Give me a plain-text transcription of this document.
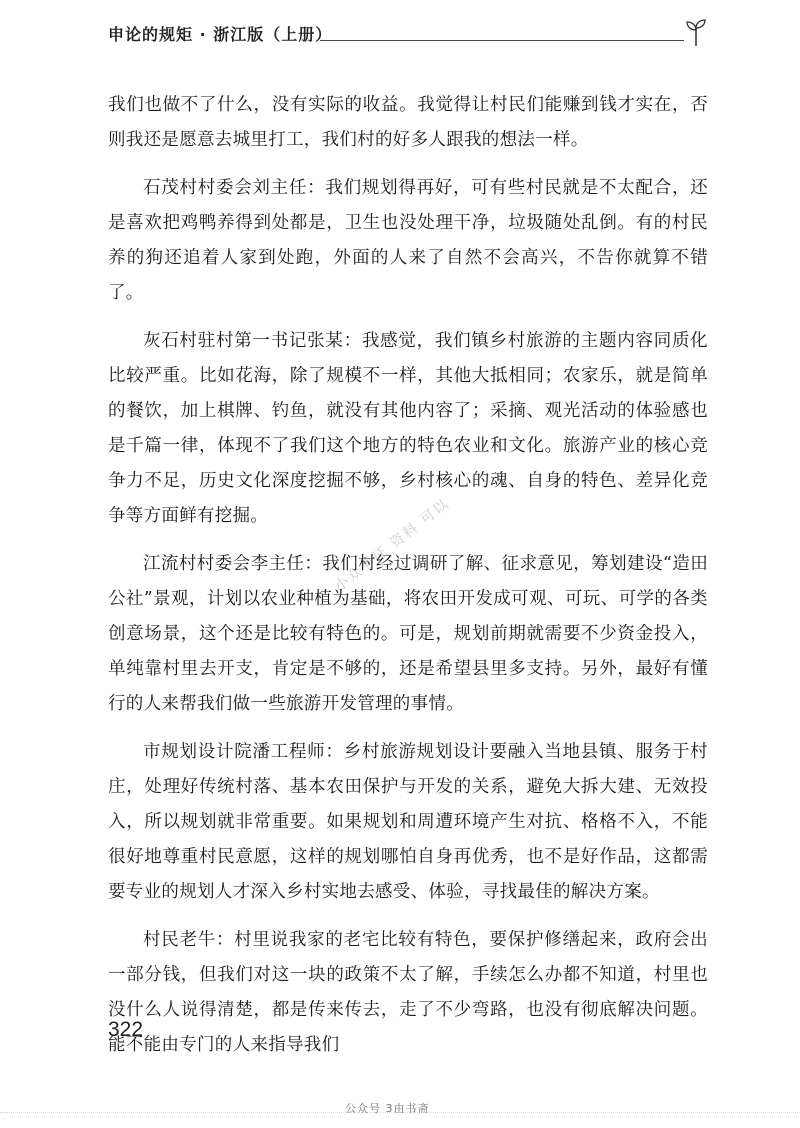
申论的规矩 · 浙江版（上册）

我们也做不了什么，没有实际的收益。我觉得让村民们能赚到钱才实在，否则我还是愿意去城里打工，我们村的好多人跟我的想法一样。

石茂村村委会刘主任：我们规划得再好，可有些村民就是不太配合，还是喜欢把鸡鸭养得到处都是，卫生也没处理干净，垃圾随处乱倒。有的村民养的狗还追着人家到处跑，外面的人来了自然不会高兴，不告你就算不错了。

灰石村驻村第一书记张某：我感觉，我们镇乡村旅游的主题内容同质化比较严重。比如花海，除了规模不一样，其他大抵相同；农家乐，就是简单的餐饮，加上棋牌、钓鱼，就没有其他内容了；采摘、观光活动的体验感也是千篇一律，体现不了我们这个地方的特色农业和文化。旅游产业的核心竞争力不足，历史文化深度挖掘不够，乡村核心的魂、自身的特色、差异化竞争等方面鲜有挖掘。

江流村村委会李主任：我们村经过调研了解、征求意见，筹划建设“造田公社”景观，计划以农业种植为基础，将农田开发成可观、可玩、可学的各类创意场景，这个还是比较有特色的。可是，规划前期就需要不少资金投入，单纯靠村里去开支，肯定是不够的，还是希望县里多支持。另外，最好有懂行的人来帮我们做一些旅游开发管理的事情。

市规划设计院潘工程师：乡村旅游规划设计要融入当地县镇、服务于村庄，处理好传统村落、基本农田保护与开发的关系，避免大拆大建、无效投入，所以规划就非常重要。如果规划和周遭环境产生对抗、格格不入，不能很好地尊重村民意愿，这样的规划哪怕自身再优秀，也不是好作品，这都需要专业的规划人才深入乡村实地去感受、体验，寻找最佳的解决方案。

村民老牛：村里说我家的老宅比较有特色，要保护修缮起来，政府会出一部分钱，但我们对这一块的政策不太了解，手续怎么办都不知道，村里也没什么人说得清楚，都是传来传去，走了不少弯路，也没有彻底解决问题。能不能由专门的人来指导我们

小众考证 资料 可以
322
公众号 3由书斋
